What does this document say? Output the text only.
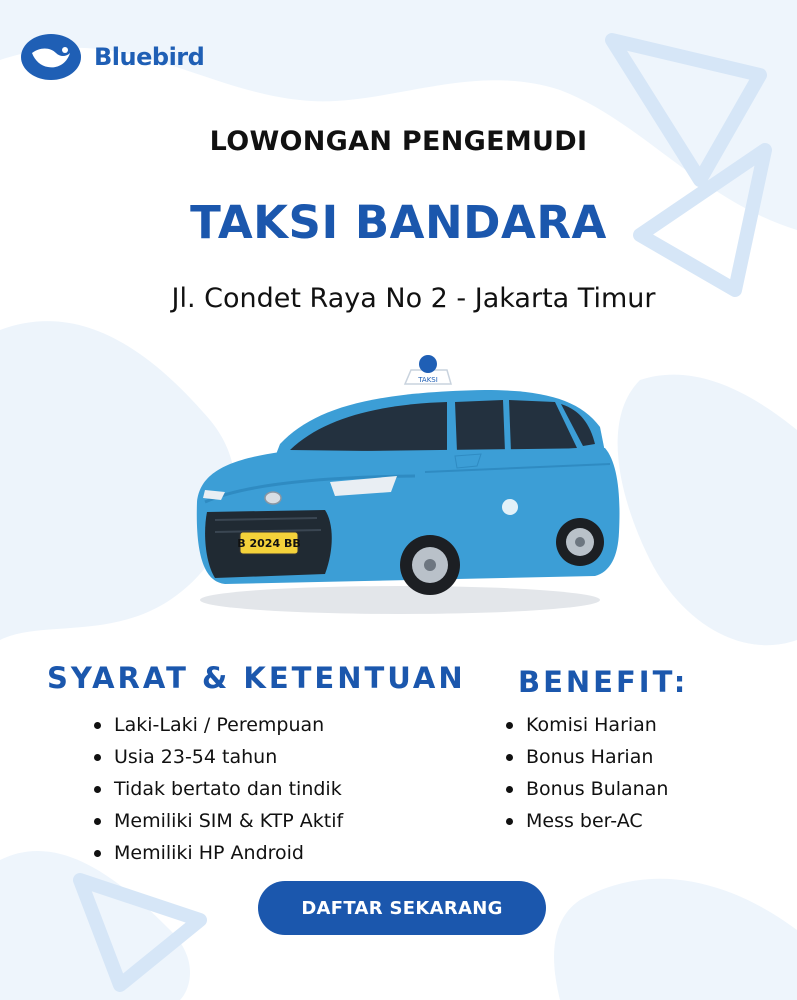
Bluebird
LOWONGAN PENGEMUDI
TAKSI BANDARA
Jl. Condet Raya No 2 - Jakarta Timur
TAKSI
B 2024 BB
SYARAT & KETENTUAN
Laki-Laki / Perempuan
Usia 23-54 tahun
Tidak bertato dan tindik
Memiliki SIM & KTP Aktif
Memiliki HP Android
BENEFIT:
Komisi Harian
Bonus Harian
Bonus Bulanan
Mess ber-AC
DAFTAR SEKARANG
